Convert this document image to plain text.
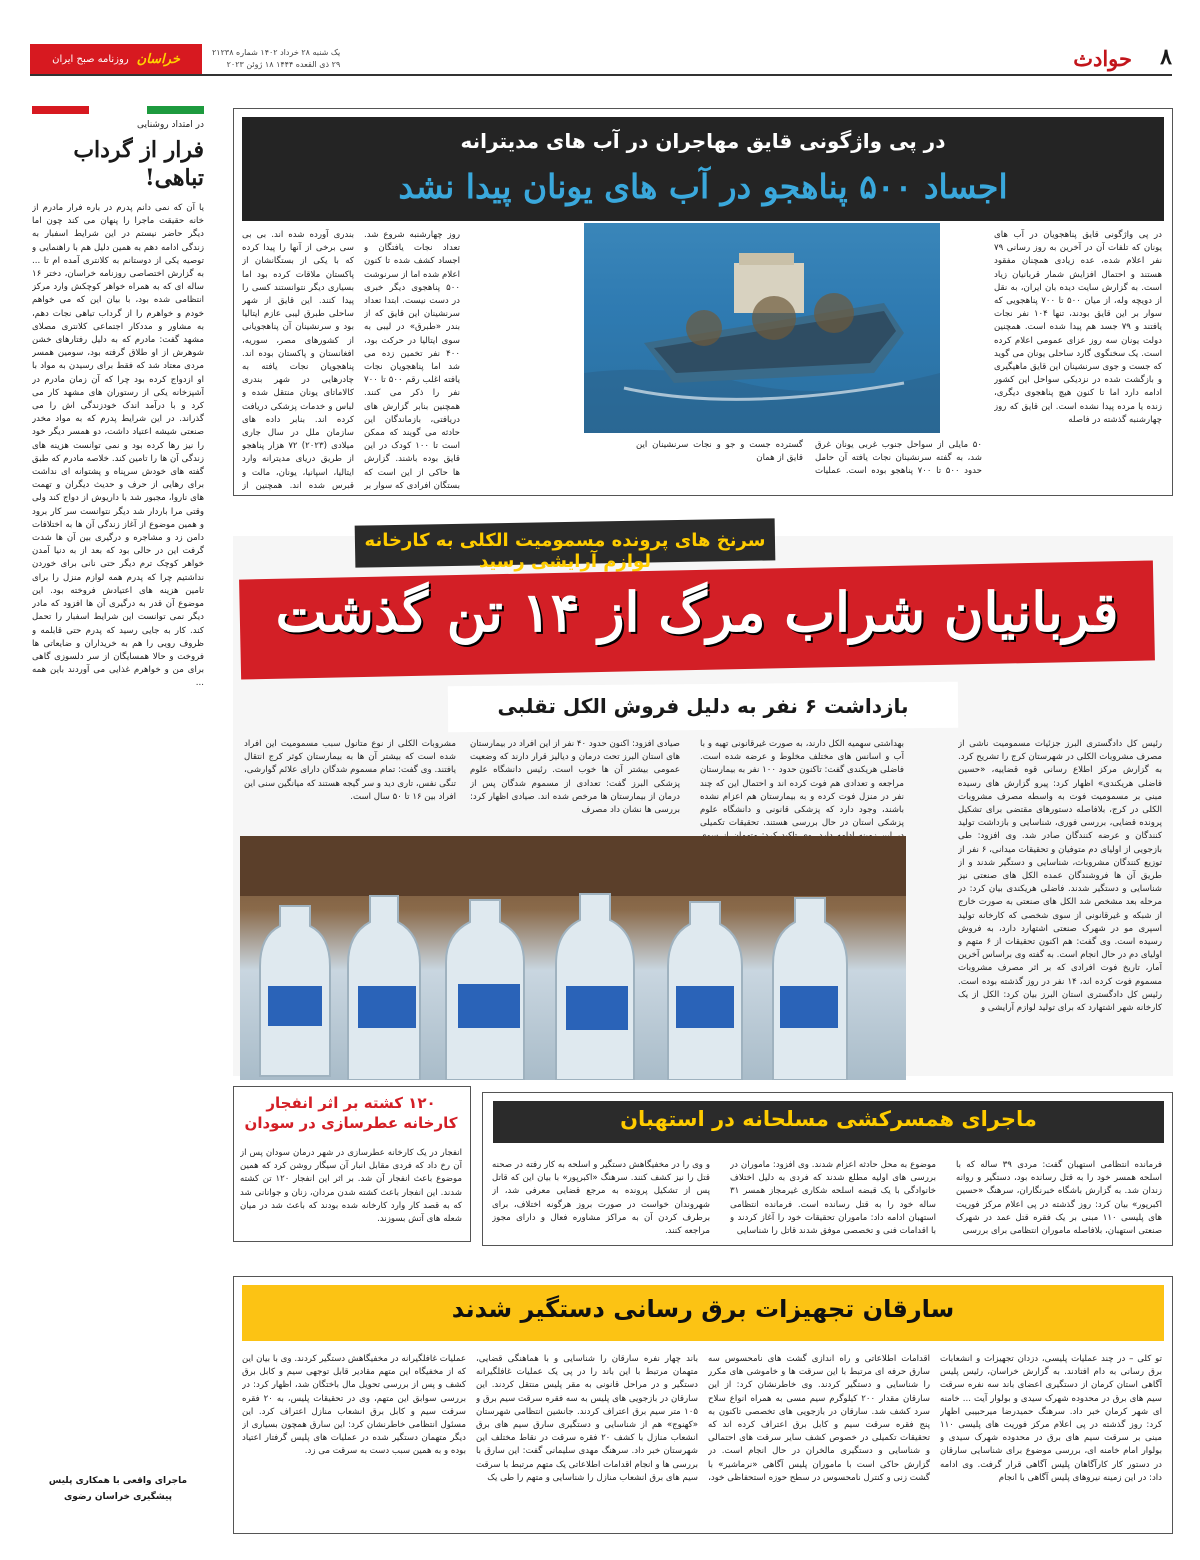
۸
حوادث
یک شنبه ۲۸ خرداد ۱۴۰۲ شماره ۲۱۲۳۸
۲۹ ذی القعده ۱۴۴۴ ۱۸ ژوئن ۲۰۲۳
خراسان
روزنامه صبح ایران
در امتداد روشنایی
فرار از گرداب تباهی!
یا آن که نمی دانم پدرم در باره فرار مادرم از خانه حقیقت ماجرا را پنهان می کند چون اما دیگر حاضر نیستم در این شرایط اسفبار به زندگی ادامه دهم به همین دلیل هم با راهنمایی و توصیه یکی از دوستانم به کلانتری آمده ام تا ... به گزارش اختصاصی روزنامه خراسان، دختر ۱۶ ساله ای که به همراه خواهر کوچکش وارد مرکز انتظامی شده بود، با بیان این که می خواهم خودم و خواهرم را از گرداب تباهی نجات دهم، به مشاور و مددکار اجتماعی کلانتری مصلای مشهد گفت: مادرم که به دلیل رفتارهای خشن شوهرش از او طلاق گرفته بود، سومین همسر مردی معتاد شد که فقط برای رسیدن به مواد با او ازدواج کرده بود چرا که آن زمان مادرم در آشپزخانه یکی از رستوران های مشهد کار می کرد و با درآمد اندک خودزندگی اش را می گذراند. در این شرایط پدرم که به مواد مخدر صنعتی شیشه اعتیاد داشت، دو همسر دیگر خود را نیز رها کرده بود و نمی توانست هزینه های زندگی آن ها را تامین کند. خلاصه مادرم که طبق گفته های خودش سرپناه و پشتوانه ای نداشت برای رهایی از حرف و حدیث دیگران و تهمت های ناروا، مجبور شد با داریوش از دواج کند ولی وقتی مرا باردار شد دیگر نتوانست سر کار برود و همین موضوع از آغاز زندگی آن ها به اختلافات دامن زد و مشاجره و درگیری بین آن ها شدت گرفت این در حالی بود که بعد از به دنیا آمدن خواهر کوچک ترم دیگر حتی نانی برای خوردن نداشتیم چرا که پدرم همه لوازم منزل را برای تامین هزینه های اعتیادش فروخته بود. این موضوع آن قدر به درگیری آن ها افزود که مادر دیگر نمی توانست این شرایط اسفبار را تحمل کند. کار به جایی رسید که پدرم حتی قابلمه و ظروف رویی را هم به خریداران و ضایعاتی ها فروخت و حالا همسایگان از سر دلسوزی گاهی برای من و خواهرم غذایی می آوردند باین همه ...
ماجرای واقعی با همکاری پلیس
پیشگیری خراسان رضوی
در پی واژگونی قایق مهاجران در آب های مدیترانه
اجساد ۵۰۰ پناهجو در آب های یونان پیدا نشد
در پی واژگونی قایق پناهجویان در آب های یونان که تلفات آن در آخرین به روز رسانی ۷۹ نفر اعلام شده، عده زیادی همچنان مفقود هستند و احتمال افزایش شمار قربانیان زیاد است. به گزارش سایت دیده بان ایران، به نقل از دویچه وله، از میان ۵۰۰ تا ۷۰۰ پناهجویی که سوار بر این قایق بودند، تنها ۱۰۴ نفر نجات یافتند و ۷۹ جسد هم پیدا شده است. همچنین دولت یونان سه روز عزای عمومی اعلام کرده است. یک سخنگوی گارد ساحلی یونان می گوید که جست و جوی سرنشینان این قایق ماهیگیری و بازگشت شده در نزدیکی سواحل این کشور ادامه دارد اما تا کنون هیچ پناهجوی دیگری، زنده یا مرده پیدا نشده است. این قایق که روز چهارشنبه گذشته در فاصله
۵۰ مایلی از سواحل جنوب غربی یونان غرق شد، به گفته سرنشینان نجات یافته آن حامل حدود ۵۰۰ تا ۷۰۰ پناهجو بوده است. عملیات گسترده جست و جو و نجات سرنشینان این قایق از همان
روز چهارشنبه شروع شد. تعداد نجات یافتگان و اجساد کشف شده تا کنون اعلام شده اما از سرنوشت ۵۰۰ پناهجوی دیگر خبری در دست نیست. ابتدا تعداد سرنشینان این قایق که از بندر «طبرق» در لیبی به سوی ایتالیا در حرکت بود، ۴۰۰ نفر تخمین زده می شد اما پناهجویان نجات یافته اغلب رقم ۵۰۰ تا ۷۰۰ نفر را ذکر می کنند. همچنین بنابر گزارش های دریافتی، بازماندگان این حادثه می گویند که ممکن است تا ۱۰۰ کودک در این قایق بوده باشند. گزارش ها حاکی از این است که بستگان افرادی که سوار بر
بندری آورده شده اند. بی بی سی برخی از آنها را پیدا کرده که با یکی از بستگانشان از پاکستان ملاقات کرده بود اما بسیاری دیگر نتوانستند کسی را پیدا کنند. این قایق از شهر ساحلی طبرق لیبی عازم ایتالیا بود و سرنشینان آن پناهجویانی از کشورهای مصر، سوریه، افغانستان و پاکستان بوده اند. پناهجویان نجات یافته به چادرهایی در شهر بندری کالاماتای یونان منتقل شده و لباس و خدمات پزشکی دریافت کرده اند. بنابر داده های سازمان ملل در سال جاری میلادی (۲۰۲۳) ۷۲ هزار پناهجو از طریق دریای مدیترانه وارد ایتالیا، اسپانیا، یونان، مالت و قبرس شده اند. همچنین از
سرنخ های پرونده مسمومیت الکلی به کارخانه لوازم آرایشی رسید
قربانیان شراب مرگ از ۱۴ تن گذشت
بازداشت ۶ نفر به دلیل فروش الکل تقلبی
رئیس کل دادگستری البرز جزئیات مسمومیت ناشی از مصرف مشروبات الکلی در شهرستان کرج را تشریح کرد. به گزارش مرکز اطلاع رسانی قوه قضاییه، «حسین فاضلی هریکندی» اظهار کرد: پیرو گزارش های رسیده مبنی بر مسمومیت فوت به واسطه مصرف مشروبات الکلی در کرج، بلافاصله دستورهای مقتضی برای تشکیل پرونده قضایی، بررسی فوری، شناسایی و بازداشت تولید کنندگان و عرضه کنندگان صادر شد. وی افزود: طی بازجویی از اولیای دم متوفیان و تحقیقات میدانی، ۶ نفر از توزیع کنندگان مشروبات، شناسایی و دستگیر شدند و از طریق آن ها فروشندگان عمده الکل های صنعتی نیز شناسایی و دستگیر شدند. فاضلی هریکندی بیان کرد: در مرحله بعد مشخص شد الکل های صنعتی به صورت خارج از شبکه و غیرقانونی از سوی شخصی که کارخانه تولید اسپری مو در شهرک صنعتی اشتهارد دارد، به فروش رسیده است. وی گفت: هم اکنون تحقیقات از ۶ متهم و اولیای دم در حال انجام است. به گفته وی براساس آخرین آمار، تاریخ فوت افرادی که بر اثر مصرف مشروبات مسموم فوت کرده اند، ۱۴ نفر در روز گذشته بوده است. رئیس کل دادگستری استان البرز بیان کرد: الکل از یک کارخانه شهر اشتهارد که برای تولید لوازم آرایشی و
بهداشتی سهمیه الکل دارند، به صورت غیرقانونی تهیه و با آب و اسانس های مختلف مخلوط و عرضه شده است. فاضلی هریکندی گفت: تاکنون حدود ۱۰۰ نفر به بیمارستان مراجعه و تعدادی هم فوت کرده اند و احتمال این که چند نفر در منزل فوت کرده و به بیمارستان هم اعزام نشده باشند، وجود دارد که پزشکی قانونی و دانشگاه علوم پزشکی استان در حال بررسی هستند. تحقیقات تکمیلی
صیادی افزود: اکنون حدود ۴۰ نفر از این افراد در بیمارستان های استان البرز تحت درمان و دیالیز قرار دارند که وضعیت عمومی بیشتر آن ها خوب است. رئیس دانشگاه علوم پزشکی البرز گفت: تعدادی از مسموم شدگان پس از درمان از بیمارستان ها مرخص شده اند. صیادی اظهار کرد: بررسی ها نشان داد مصرف
مشروبات الکلی از نوع متانول سبب مسمومیت این افراد شده است که بیشتر آن ها به بیمارستان کوثر کرج انتقال یافتند. وی گفت: تمام مسموم شدگان دارای علائم گوارشی، تنگی نفس، تاری دید و سر گیجه هستند که میانگین سنی این افراد بین ۱۶ تا ۵۰ سال است.
ماجرای همسرکشی مسلحانه در استهبان
فرمانده انتظامی استهبان گفت: مردی ۳۹ ساله که با اسلحه همسر خود را به قتل رسانده بود، دستگیر و روانه زندان شد. به گزارش باشگاه خبرنگاران، سرهنگ «حسین اکبرپور» بیان کرد: روز گذشته در پی اعلام مرکز فوریت های پلیسی ۱۱۰ مبنی بر یک فقره قتل عمد در شهرک صنعتی استهبان، بلافاصله ماموران انتظامی برای بررسی
موضوع به محل حادثه اعزام شدند. وی افزود: ماموران در بررسی های اولیه مطلع شدند که فردی به دلیل اختلاف خانوادگی با یک قبضه اسلحه شکاری غیرمجاز همسر ۳۱ ساله خود را به قتل رسانده است. فرمانده انتظامی استهبان ادامه داد: ماموران تحقیقات خود را آغاز کردند و با اقدامات فنی و تخصصی موفق شدند قاتل را شناسایی
و وی را در مخفیگاهش دستگیر و اسلحه به کار رفته در صحنه قتل را نیز کشف کنند. سرهنگ «اکبرپور» با بیان این که قاتل پس از تشکیل پرونده به مرجع قضایی معرفی شد، از شهروندان خواست در صورت بروز هرگونه اختلاف، برای برطرف کردن آن به مراکز مشاوره فعال و دارای مجوز مراجعه کنند.
۱۲۰ کشته بر اثر انفجار کارخانه عطرسازی در سودان
انفجار در یک کارخانه عطرسازی در شهر درمان سودان پس از آن رخ داد که فردی مقابل انبار آن سیگار روشن کرد که همین موضوع باعث انفجار آن شد. بر اثر این انفجار ۱۲۰ تن کشته شدند. این انفجار باعث کشته شدن مردان، زنان و جوانانی شد که به قصد کار وارد کارخانه شده بودند که باعث شد در میان شعله های آتش بسوزند.
سارقان تجهیزات برق رسانی دستگیر شدند
تو کلی – در چند عملیات پلیسی، دزدان تجهیزات و انشعابات برق رسانی به دام افتادند. به گزارش خراسان، رئیس پلیس آگاهی استان کرمان از دستگیری اعضای باند سه نفره سرقت سیم های برق در محدوده شهرک سیدی و بولوار آیت ... خامنه ای شهر کرمان خبر داد. سرهنگ حمیدرضا میرحبیبی اظهار کرد: روز گذشته در پی اعلام مرکز فوریت های پلیسی ۱۱۰ مبنی بر سرقت سیم های برق در محدوده شهرک سیدی و بولوار امام خامنه ای، بررسی موضوع برای شناسایی سارقان در دستور کار کارآگاهان پلیس آگاهی قرار گرفت. وی ادامه داد: در این زمینه نیروهای پلیس آگاهی با انجام
اقدامات اطلاعاتی و راه اندازی گشت های نامحسوس سه سارق حرفه ای مرتبط با این سرقت ها و خاموشی های مکرر را شناسایی و دستگیر کردند. وی خاطرنشان کرد: از این سارقان مقدار ۲۰۰ کیلوگرم سیم مسی به همراه انواع سلاح سرد کشف شد. سارقان در بازجویی های تخصصی تاکنون به پنج فقره سرقت سیم و کابل برق اعتراف کرده اند که تحقیقات تکمیلی در خصوص کشف سایر سرقت های احتمالی و شناسایی و دستگیری مالخران در حال انجام است. در گزارش حاکی است با ماموران پلیس آگاهی «نرماشیر» با گشت زنی و کنترل نامحسوس در سطح حوزه استحفاظی خود،
باند چهار نفره سارقان را شناسایی و با هماهنگی قضایی، متهمان مرتبط با این باند را در پی یک عملیات غافلگیرانه دستگیر و در مراحل قانونی به مقر پلیس منتقل کردند. این سارقان در بازجویی های پلیس به سه فقره سرقت سیم برق و ۱۰۵ متر سیم برق اعتراف کردند. جانشین انتظامی شهرستان «کهنوج» هم از شناسایی و دستگیری سارق سیم های برق انشعاب منازل با کشف ۲۰ فقره سرقت در نقاط مختلف این شهرستان خبر داد. سرهنگ مهدی سلیمانی گفت: این سارق با بررسی ها و انجام اقدامات اطلاعاتی یک متهم مرتبط با سرقت سیم های برق انشعاب منازل را شناسایی و متهم را طی یک
عملیات غافلگیرانه در مخفیگاهش دستگیر کردند. وی با بیان این که از مخفیگاه این متهم مقادیر قابل توجهی سیم و کابل برق کشف و پس از بررسی تحویل مال باختگان شد، اظهار کرد: در بررسی سوابق این متهم، وی در تحقیقات پلیس، به ۲۰ فقره سرقت سیم و کابل برق انشعاب منازل اعتراف کرد. این مسئول انتظامی خاطرنشان کرد: این سارق همچون بسیاری از دیگر متهمان دستگیر شده در عملیات های پلیس گرفتار اعتیاد بوده و به همین سبب دست به سرقت می زد.
